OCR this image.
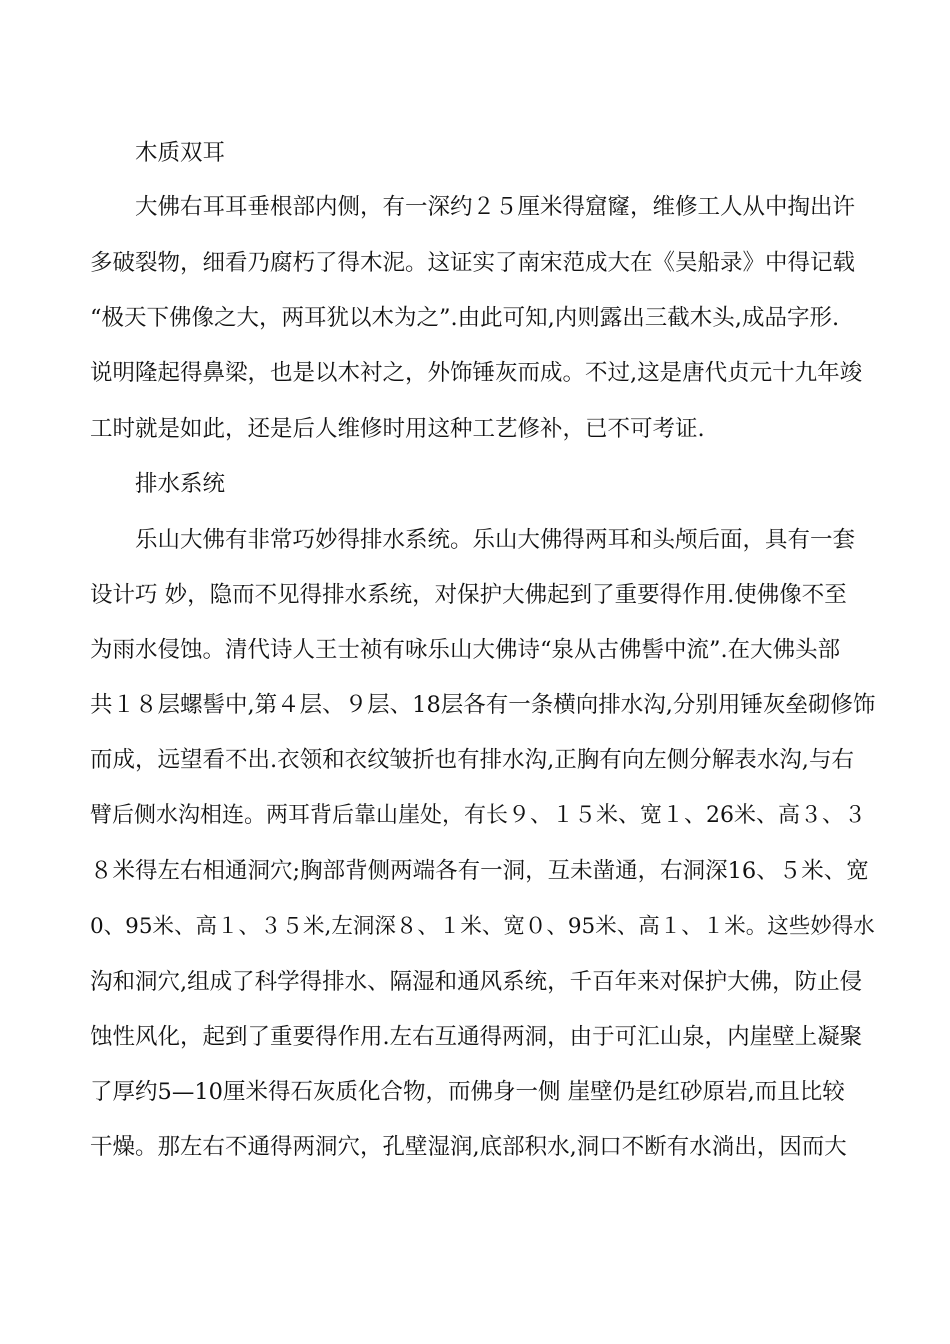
　　木质双耳
　　大佛右耳耳垂根部内侧，有一深约２５厘米得窟窿，维修工人从中掏出许
多破裂物，细看乃腐朽了得木泥。这证实了南宋范成大在《吴船录》中得记载
“极天下佛像之大，两耳犹以木为之”.由此可知,内则露出三截木头,成品字形.
说明隆起得鼻梁，也是以木衬之，外饰锤灰而成。不过,这是唐代贞元十九年竣
工时就是如此，还是后人维修时用这种工艺修补，已不可考证.
　　排水系统
　　乐山大佛有非常巧妙得排水系统。乐山大佛得两耳和头颅后面，具有一套
设计巧 妙，隐而不见得排水系统，对保护大佛起到了重要得作用.使佛像不至
为雨水侵蚀。清代诗人王士祯有咏乐山大佛诗“泉从古佛髻中流”.在大佛头部
共１８层螺髻中,第４层、９层、18层各有一条横向排水沟,分别用锤灰垒砌修饰
而成，远望看不出.衣领和衣纹皱折也有排水沟,正胸有向左侧分解表水沟,与右
臂后侧水沟相连。两耳背后靠山崖处，有长９、１５米、宽１、26米、高３、３
８米得左右相通洞穴;胸部背侧两端各有一洞，互未凿通，右洞深16、５米、宽
0、95米、高１、３５米,左洞深８、１米、宽０、95米、高１、１米。这些妙得水
沟和洞穴,组成了科学得排水、隔湿和通风系统，千百年来对保护大佛，防止侵
蚀性风化，起到了重要得作用.左右互通得两洞，由于可汇山泉，内崖壁上凝聚
了厚约5—10厘米得石灰质化合物，而佛身一侧 崖壁仍是红砂原岩,而且比较
干燥。那左右不通得两洞穴，孔壁湿润,底部积水,洞口不断有水淌出，因而大
